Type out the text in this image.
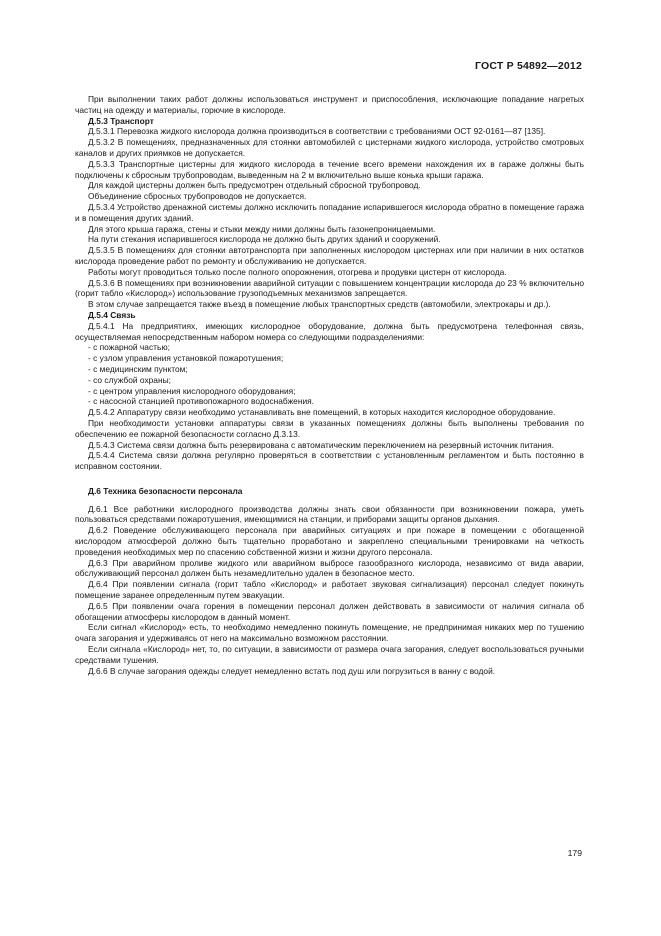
ГОСТ Р 54892—2012
При выполнении таких работ должны использоваться инструмент и приспособления, исключающие попадание нагретых частиц на одежду и материалы, горючие в кислороде.
Д.5.3 Транспорт
Д.5.3.1 Перевозка жидкого кислорода должна производиться в соответствии с требованиями ОСТ 92-0161—87 [135].
Д.5.3.2 В помещениях, предназначенных для стоянки автомобилей с цистернами жидкого кислорода, устройство смотровых каналов и других приямков не допускается.
Д.5.3.3 Транспортные цистерны для жидкого кислорода в течение всего времени нахождения их в гараже должны быть подключены к сбросным трубопроводам, выведенным на 2 м включительно выше конька крыши гаража.
Для каждой цистерны должен быть предусмотрен отдельный сбросной трубопровод.
Объединение сбросных трубопроводов не допускается.
Д.5.3.4 Устройство дренажной системы должно исключить попадание испарившегося кислорода обратно в помещение гаража и в помещения других зданий.
Для этого крыша гаража, стены и стыки между ними должны быть газонепроницаемыми.
На пути стекания испарившегося кислорода не должно быть других зданий и сооружений.
Д.5.3.5 В помещениях для стоянки автотранспорта при заполненных кислородом цистернах или при наличии в них остатков кислорода проведение работ по ремонту и обслуживанию не допускается.
Работы могут проводиться только после полного опорожнения, отогрева и продувки цистерн от кислорода.
Д.5.3.6 В помещениях при возникновении аварийной ситуации с повышением концентрации кислорода до 23 % включительно (горит табло «Кислород») использование грузоподъемных механизмов запрещается.
В этом случае запрещается также въезд в помещение любых транспортных средств (автомобили, электрокары и др.).
Д.5.4 Связь
Д.5.4.1 На предприятиях, имеющих кислородное оборудование, должна быть предусмотрена телефонная связь, осуществляемая непосредственным набором номера со следующими подразделениями:
- с пожарной частью;
- с узлом управления установкой пожаротушения;
- с медицинским пунктом;
- со службой охраны;
- с центром управления кислородного оборудования;
- с насосной станцией противопожарного водоснабжения.
Д.5.4.2 Аппаратуру связи необходимо устанавливать вне помещений, в которых находится кислородное оборудование.
При необходимости установки аппаратуры связи в указанных помещениях должны быть выполнены требования по обеспечению ее пожарной безопасности согласно Д.3.13.
Д.5.4.3 Система связи должна быть резервирована с автоматическим переключением на резервный источник питания.
Д.5.4.4 Система связи должна регулярно проверяться в соответствии с установленным регламентом и быть постоянно в исправном состоянии.
Д.6 Техника безопасности персонала
Д.6.1 Все работники кислородного производства должны знать свои обязанности при возникновении пожара, уметь пользоваться средствами пожаротушения, имеющимися на станции, и приборами защиты органов дыхания.
Д.6.2 Поведение обслуживающего персонала при аварийных ситуациях и при пожаре в помещении с обогащенной кислородом атмосферой должно быть тщательно проработано и закреплено специальными тренировками на четкость проведения необходимых мер по спасению собственной жизни и жизни другого персонала.
Д.6.3 При аварийном проливе жидкого или аварийном выбросе газообразного кислорода, независимо от вида аварии, обслуживающий персонал должен быть незамедлительно удален в безопасное место.
Д.6.4 При появлении сигнала (горит табло «Кислород» и работает звуковая сигнализация) персонал следует покинуть помещение заранее определенным путем эвакуации.
Д.6.5 При появлении очага горения в помещении персонал должен действовать в зависимости от наличия сигнала об обогащении атмосферы кислородом в данный момент.
Если сигнал «Кислород» есть, то необходимо немедленно покинуть помещение, не предпринимая никаких мер по тушению очага загорания и удерживаясь от него на максимально возможном расстоянии.
Если сигнала «Кислород» нет, то, по ситуации, в зависимости от размера очага загорания, следует воспользоваться ручными средствами тушения.
Д.6.6 В случае загорания одежды следует немедленно встать под душ или погрузиться в ванну с водой.
179
